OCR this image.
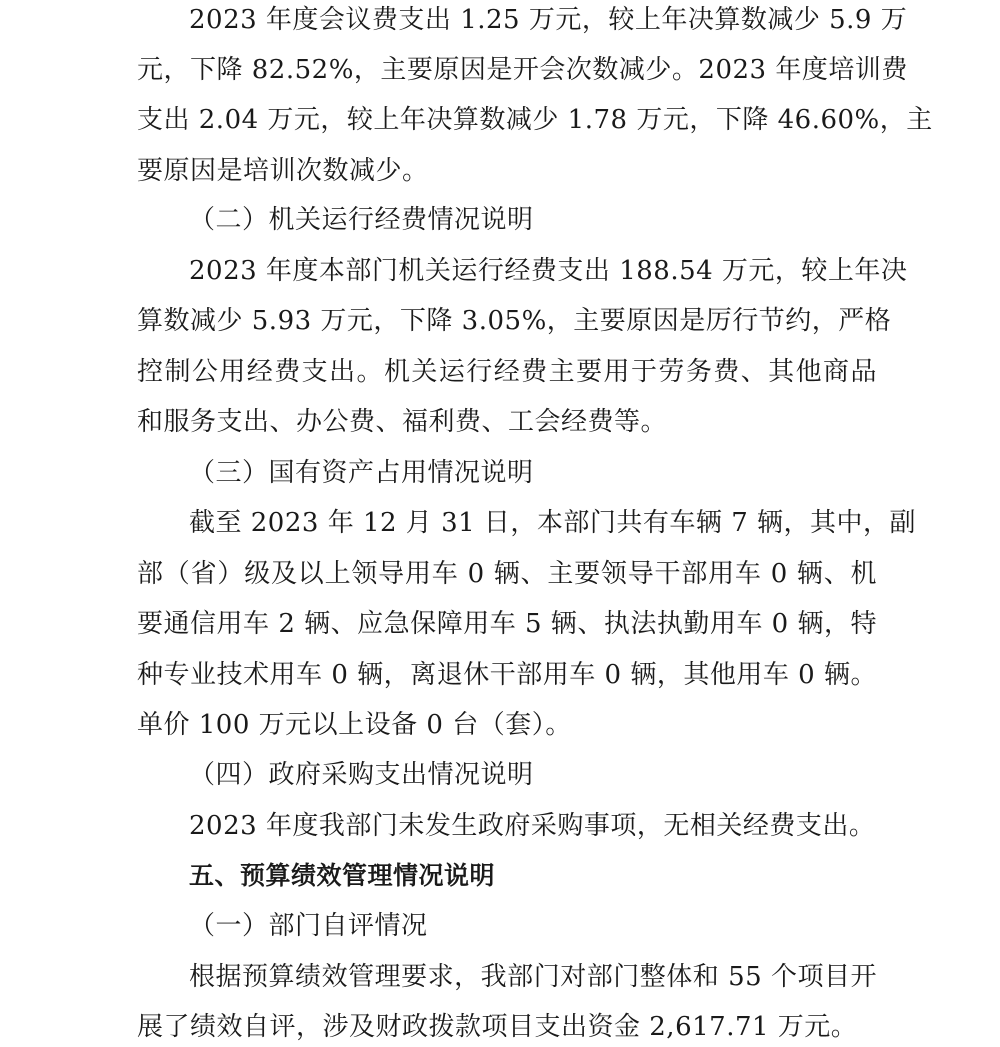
2023 年度会议费支出 1.25 万元，较上年决算数减少 5.9 万
元，下降 82.52%，主要原因是开会次数减少。2023 年度培训费
支出 2.04 万元，较上年决算数减少 1.78 万元，下降 46.60%，主
要原因是培训次数减少。
（二）机关运行经费情况说明
2023 年度本部门机关运行经费支出 188.54 万元，较上年决
算数减少 5.93 万元，下降 3.05%，主要原因是厉行节约，严格
控制公用经费支出。机关运行经费主要用于劳务费、其他商品
和服务支出、办公费、福利费、工会经费等。
（三）国有资产占用情况说明
截至 2023 年 12 月 31 日，本部门共有车辆 7 辆，其中，副
部（省）级及以上领导用车 0 辆、主要领导干部用车 0 辆、机
要通信用车 2 辆、应急保障用车 5 辆、执法执勤用车 0 辆，特
种专业技术用车 0 辆，离退休干部用车 0 辆，其他用车 0 辆。
单价 100 万元以上设备 0 台（套）。
（四）政府采购支出情况说明
2023 年度我部门未发生政府采购事项，无相关经费支出。
五、预算绩效管理情况说明
（一）部门自评情况
根据预算绩效管理要求，我部门对部门整体和 55 个项目开
展了绩效自评，涉及财政拨款项目支出资金 2,617.71 万元。
